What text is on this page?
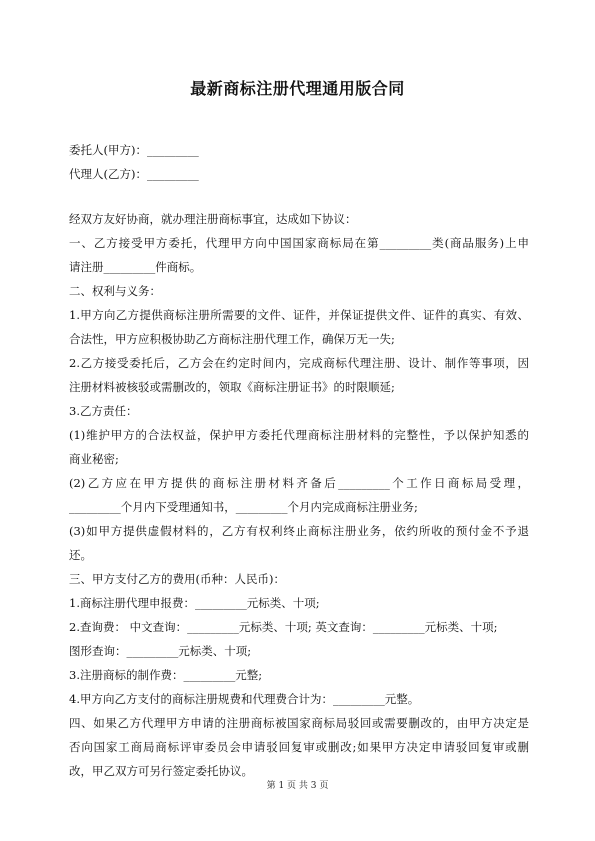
最新商标注册代理通用版合同
委托人(甲方)：_________
代理人(乙方)：_________
经双方友好协商，就办理注册商标事宜，达成如下协议：
一、乙方接受甲方委托，代理甲方向中国国家商标局在第_________类(商品服务)上申
请注册_________件商标。
二、权利与义务：
1.甲方向乙方提供商标注册所需要的文件、证件，并保证提供文件、证件的真实、有效、
合法性，甲方应积极协助乙方商标注册代理工作，确保万无一失;
2.乙方接受委托后，乙方会在约定时间内，完成商标代理注册、设计、制作等事项，因
注册材料被核驳或需删改的，领取《商标注册证书》的时限顺延;
3.乙方责任：
(1)维护甲方的合法权益，保护甲方委托代理商标注册材料的完整性，予以保护知悉的
商业秘密;
(2)乙方应在甲方提供的商标注册材料齐备后_________个工作日商标局受理，
_________个月内下受理通知书，_________个月内完成商标注册业务;
(3)如甲方提供虚假材料的，乙方有权利终止商标注册业务，依约所收的预付金不予退
还。
三、甲方支付乙方的费用(币种：人民币)：
1.商标注册代理申报费：_________元标类、十项;
2.查询费： 中文查询：_________元标类、十项; 英文查询：_________元标类、十项;
图形查询：_________元标类、十项;
3.注册商标的制作费：_________元整;
4.甲方向乙方支付的商标注册规费和代理费合计为：_________元整。
四、如果乙方代理甲方申请的注册商标被国家商标局驳回或需要删改的，由甲方决定是
否向国家工商局商标评审委员会申请驳回复审或删改;如果甲方决定申请驳回复审或删
改，甲乙双方可另行签定委托协议。
第 1 页 共 3 页
